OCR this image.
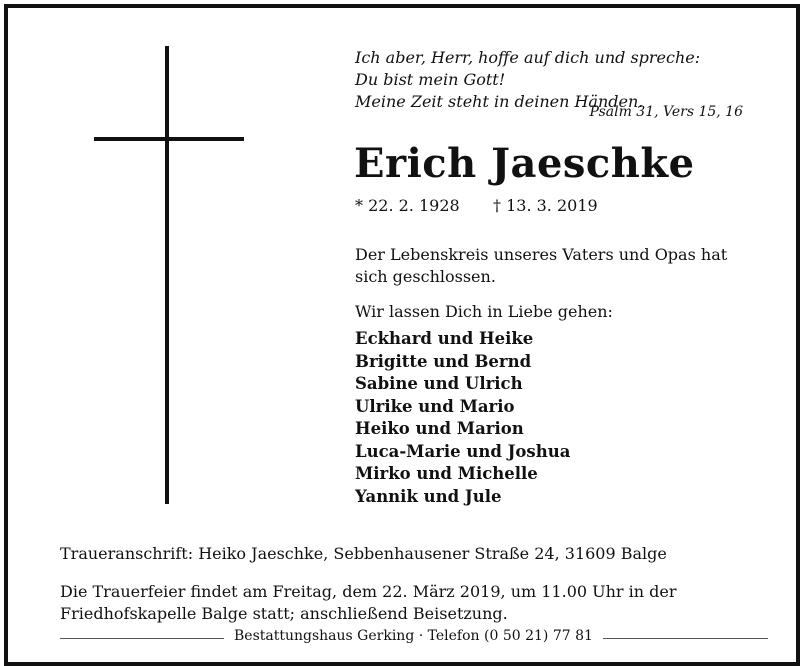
Ich aber, Herr, hoffe auf dich und spreche:
Du bist mein Gott!
Meine Zeit steht in deinen Händen.
Psalm 31, Vers 15, 16
Erich Jaeschke
* 22. 2. 1928 † 13. 3. 2019
Der Lebenskreis unseres Vaters und Opas hat sich geschlossen.
Wir lassen Dich in Liebe gehen:
Eckhard und Heike
Brigitte und Bernd
Sabine und Ulrich
Ulrike und Mario
Heiko und Marion
Luca-Marie und Joshua
Mirko und Michelle
Yannik und Jule
Traueranschrift: Heiko Jaeschke, Sebbenhausener Straße 24, 31609 Balge
Die Trauerfeier findet am Freitag, dem 22. März 2019, um 11.00 Uhr in der Friedhofskapelle Balge statt; anschließend Beisetzung.
Bestattungshaus Gerking · Telefon (0 50 21) 77 81
